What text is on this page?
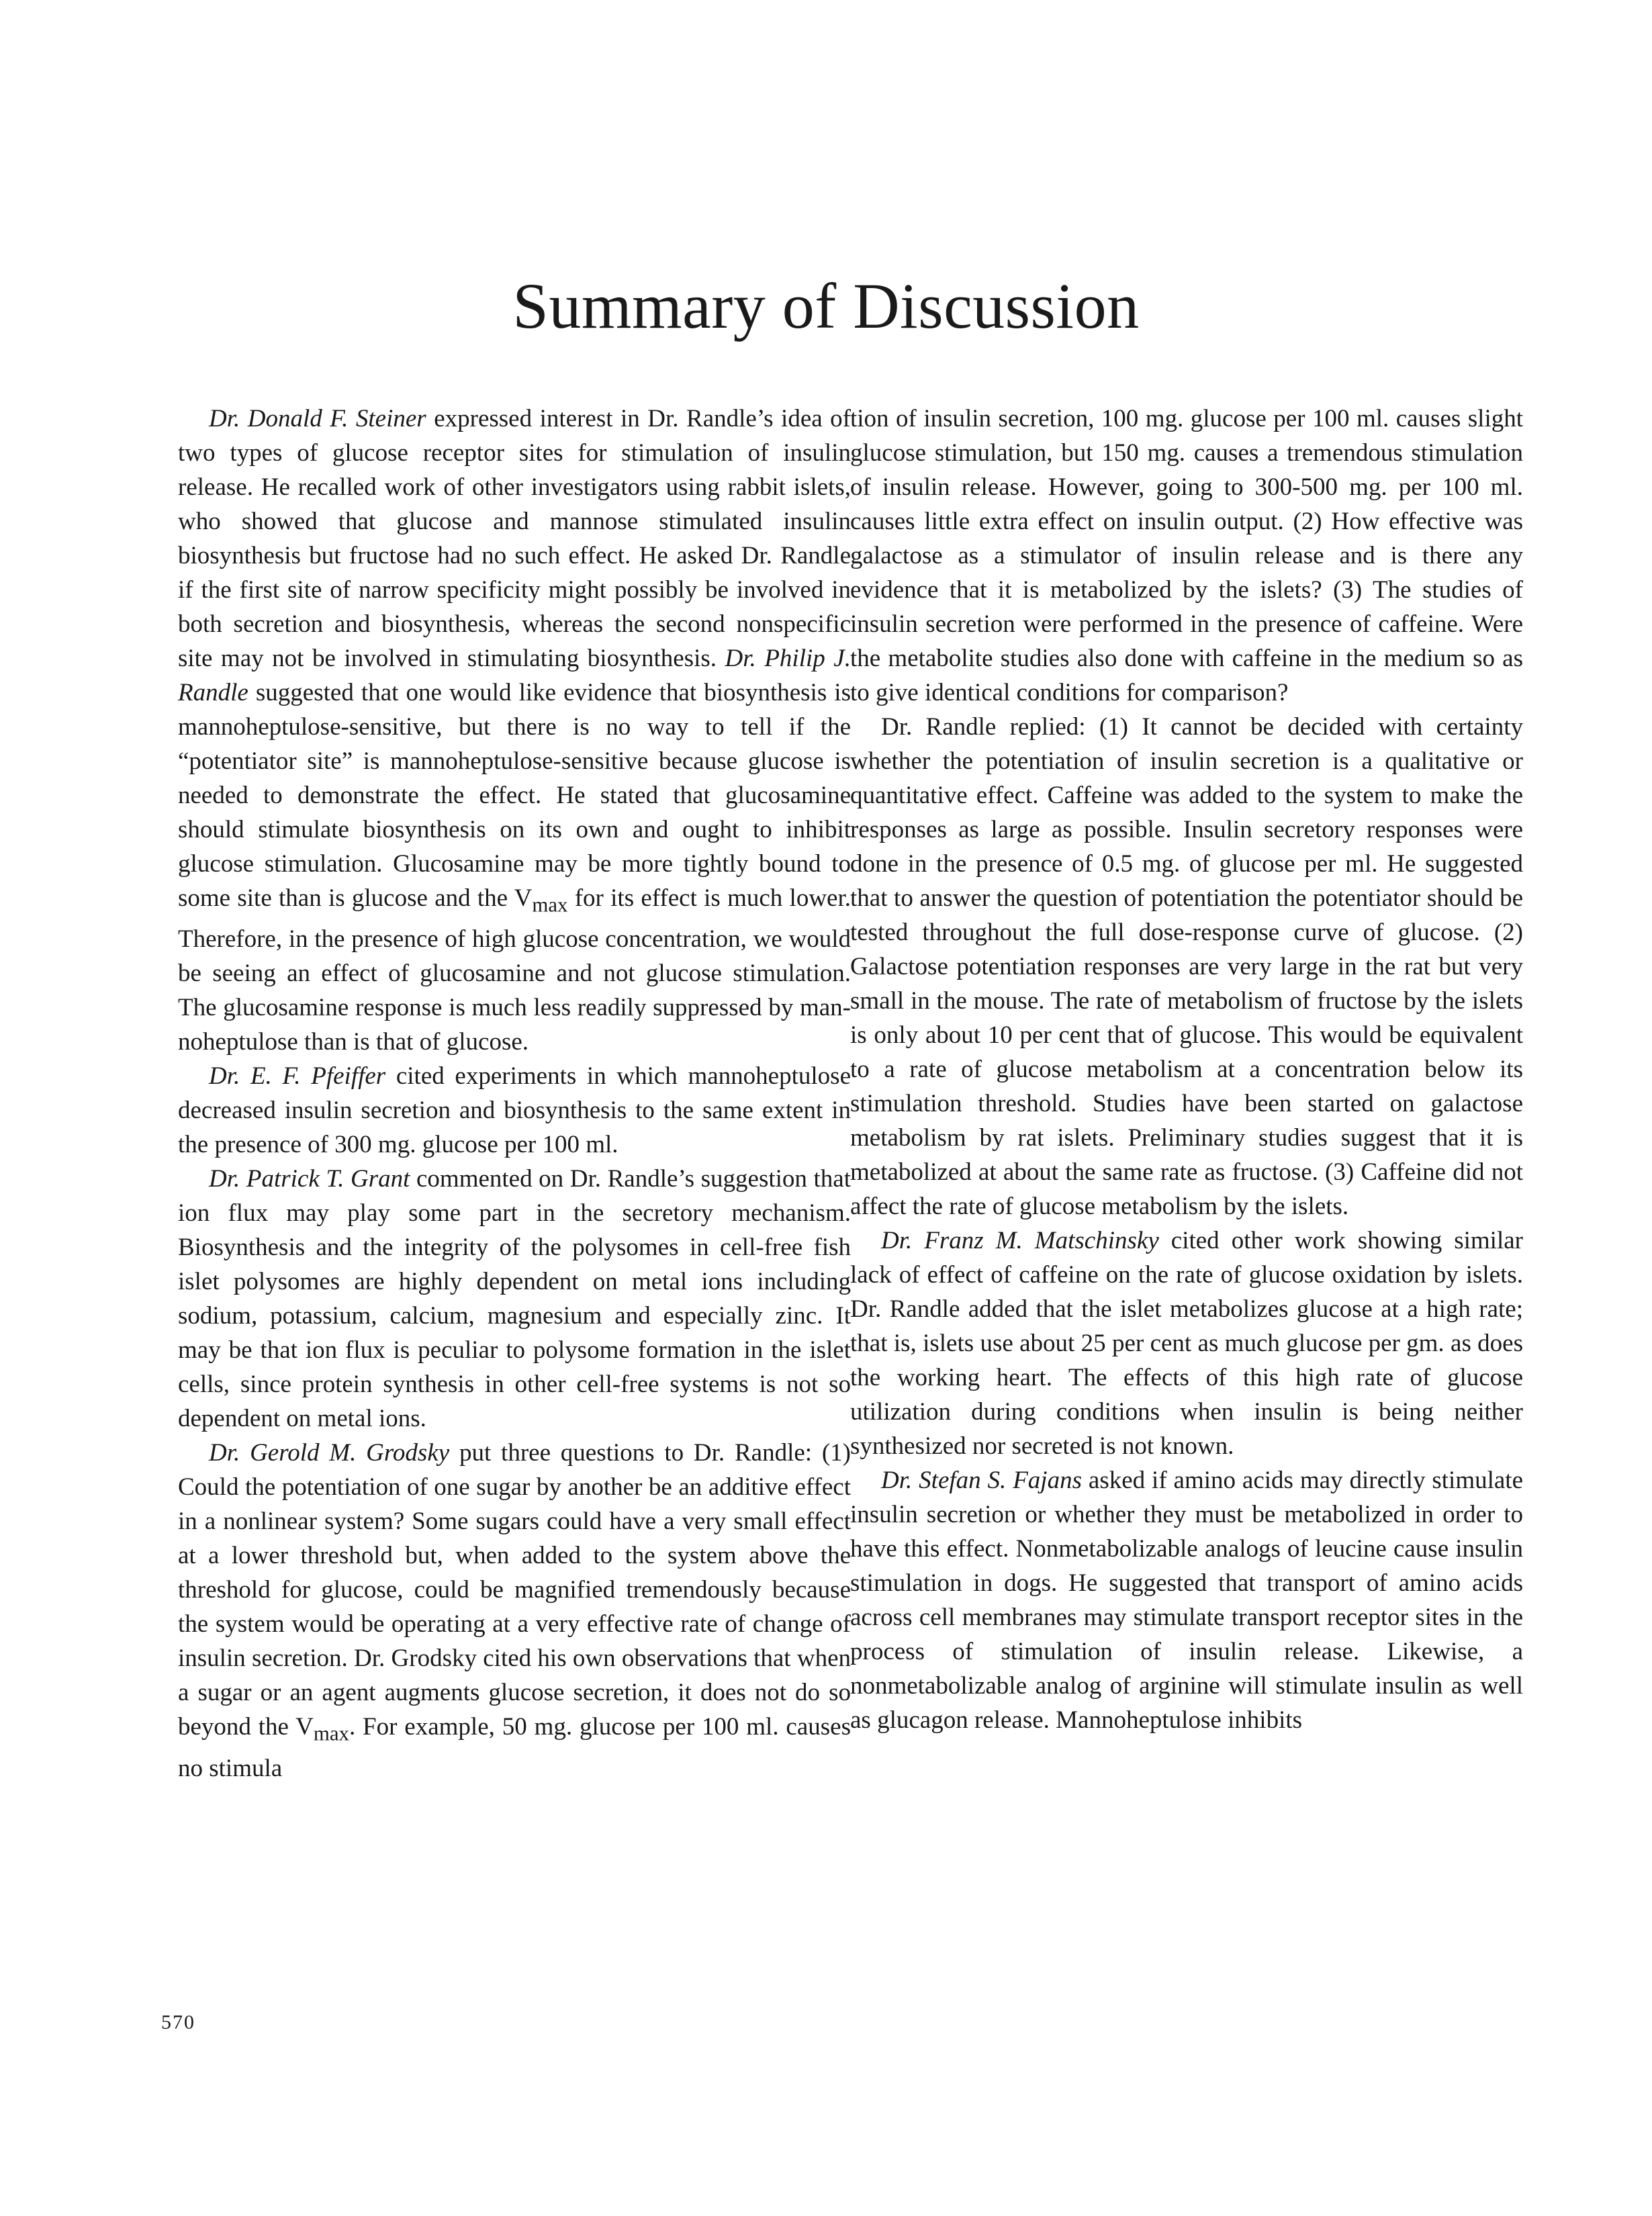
Summary of Discussion

Dr. Donald F. Steiner expressed interest in Dr. Randle’s idea of two types of glucose receptor sites for stimulation of insulin release. He recalled work of other investigators using rabbit islets, who showed that glucose and mannose stimulated insulin biosynthesis but fructose had no such effect. He asked Dr. Randle if the first site of narrow specificity might possibly be involved in both secretion and biosynthesis, whereas the second nonspecific site may not be involved in stimulating biosynthesis. Dr. Philip J. Randle suggested that one would like evidence that biosynthesis is mannoheptulose-sensitive, but there is no way to tell if the “potentiator site” is mannoheptulose-sensitive because glucose is needed to demonstrate the effect. He stated that glucosamine should stimulate biosynthesis on its own and ought to inhibit glucose stimulation. Glucosamine may be more tightly bound to some site than is glucose and the $V_{max}$ for its effect is much lower. Therefore, in the presence of high glucose concentration, we would be seeing an effect of glucosamine and not glucose stimulation. The glucosamine response is much less readily suppressed by mannoheptulose than is that of glucose.

Dr. E. F. Pfeiffer cited experiments in which mannoheptulose decreased insulin secretion and biosynthesis to the same extent in the presence of 300 mg. glucose per 100 ml.

Dr. Patrick T. Grant commented on Dr. Randle’s suggestion that ion flux may play some part in the secretory mechanism. Biosynthesis and the integrity of the polysomes in cell-free fish islet polysomes are highly dependent on metal ions including sodium, potassium, calcium, magnesium and especially zinc. It may be that ion flux is peculiar to polysome formation in the islet cells, since protein synthesis in other cell-free systems is not so dependent on metal ions.

Dr. Gerold M. Grodsky put three questions to Dr. Randle: (1) Could the potentiation of one sugar by another be an additive effect in a nonlinear system? Some sugars could have a very small effect at a lower threshold but, when added to the system above the threshold for glucose, could be magnified tremendously because the system would be operating at a very effective rate of change of insulin secretion. Dr. Grodsky cited his own observations that when a sugar or an agent augments glucose secretion, it does not do so beyond the $V_{max}$. For example, 50 mg. glucose per 100 ml. causes no stimula

tion of insulin secretion, 100 mg. glucose per 100 ml. causes slight glucose stimulation, but 150 mg. causes a tremendous stimulation of insulin release. However, going to 300-500 mg. per 100 ml. causes little extra effect on insulin output. (2) How effective was galactose as a stimulator of insulin release and is there any evidence that it is metabolized by the islets? (3) The studies of insulin secretion were performed in the presence of caffeine. Were the metabolite studies also done with caffeine in the medium so as to give identical conditions for comparison?

Dr. Randle replied: (1) It cannot be decided with certainty whether the potentiation of insulin secretion is a qualitative or quantitative effect. Caffeine was added to the system to make the responses as large as possible. Insulin secretory responses were done in the presence of 0.5 mg. of glucose per ml. He suggested that to answer the question of potentiation the potentiator should be tested throughout the full dose-response curve of glucose. (2) Galactose potentiation responses are very large in the rat but very small in the mouse. The rate of metabolism of fructose by the islets is only about 10 per cent that of glucose. This would be equivalent to a rate of glucose metabolism at a concentration below its stimulation threshold. Studies have been started on galactose metabolism by rat islets. Preliminary studies suggest that it is metabolized at about the same rate as fructose. (3) Caffeine did not affect the rate of glucose metabolism by the islets.

Dr. Franz M. Matschinsky cited other work showing similar lack of effect of caffeine on the rate of glucose oxidation by islets. Dr. Randle added that the islet metabolizes glucose at a high rate; that is, islets use about 25 per cent as much glucose per gm. as does the working heart. The effects of this high rate of glucose utilization during conditions when insulin is being neither synthesized nor secreted is not known.

Dr. Stefan S. Fajans asked if amino acids may directly stimulate insulin secretion or whether they must be metabolized in order to have this effect. Nonmetabolizable analogs of leucine cause insulin stimulation in dogs. He suggested that transport of amino acids across cell membranes may stimulate transport receptor sites in the process of stimulation of insulin release. Likewise, a nonmetabolizable analog of arginine will stimulate insulin as well as glucagon release. Mannoheptulose inhibits

570
